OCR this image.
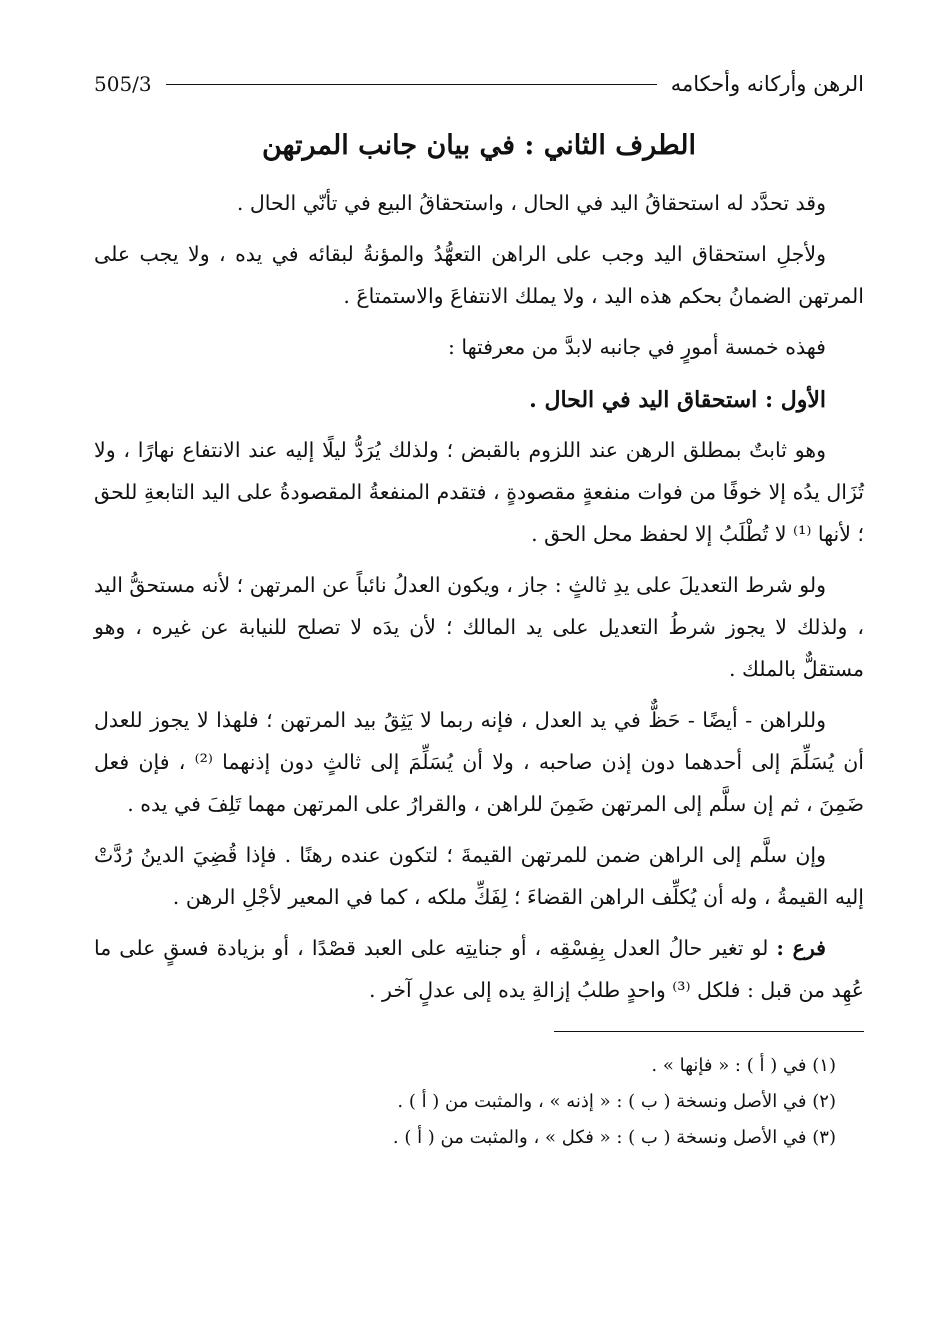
الرهن وأركانه وأحكامه
505/3
الطرف الثاني : في بيان جانب المرتهن

وقد تحدَّد له استحقاقُ اليد في الحال ، واستحقاقُ البيع في تأنّي الحال .

ولأجلِ استحقاق اليد وجب على الراهن التعهُّدُ والمؤنةُ لبقائه في يده ، ولا يجب على المرتهن الضمانُ بحكم هذه اليد ، ولا يملك الانتفاعَ والاستمتاعَ .

فهذه خمسة أمورٍ في جانبه لابدَّ من معرفتها :

الأول : استحقاق اليد في الحال .

وهو ثابتٌ بمطلق الرهن عند اللزوم بالقبض ؛ ولذلك يُرَدُّ ليلًا إليه عند الانتفاع نهارًا ، ولا تُزَال يدُه إلا خوفًا من فوات منفعةٍ مقصودةٍ ، فتقدم المنفعةُ المقصودةُ على اليد التابعةِ للحق ؛ لأنها ⁽¹⁾ لا تُطْلَبُ إلا لحفظ محل الحق .

ولو شرط التعديلَ على يدِ ثالثٍ : جاز ، ويكون العدلُ نائباً عن المرتهن ؛ لأنه مستحقُّ اليد ، ولذلك لا يجوز شرطُ التعديل على يد المالك ؛ لأن يدَه لا تصلح للنيابة عن غيره ، وهو مستقلٌّ بالملك .

وللراهن - أيضًا - حَظٌّ في يد العدل ، فإنه ربما لا يَثِقُ بيد المرتهن ؛ فلهذا لا يجوز للعدل أن يُسَلِّمَ إلى أحدهما دون إذن صاحبه ، ولا أن يُسَلِّمَ إلى ثالثٍ دون إذنهما ⁽²⁾ ، فإن فعل ضَمِنَ ، ثم إن سلَّم إلى المرتهن ضَمِنَ للراهن ، والقرارُ على المرتهن مهما تَلِفَ في يده .

وإن سلَّم إلى الراهن ضمن للمرتهن القيمةَ ؛ لتكون عنده رهنًا . فإذا قُضِيَ الدينُ رُدَّتْ إليه القيمةُ ، وله أن يُكلِّف الراهن القضاءَ ؛ لِفَكِّ ملكه ، كما في المعير لأجْلِ الرهن .

فرع : لو تغير حالُ العدل بِفِسْقِه ، أو جنايتِه على العبد قصْدًا ، أو بزيادة فسقٍ على ما عُهِد من قبل : فلكل ⁽³⁾ واحدٍ طلبُ إزالةِ يده إلى عدلٍ آخر .

(١) في ( أ ) : « فإنها » .
(٢) في الأصل ونسخة ( ب ) : « إذنه » ، والمثبت من ( أ ) .
(٣) في الأصل ونسخة ( ب ) : « فكل » ، والمثبت من ( أ ) .
